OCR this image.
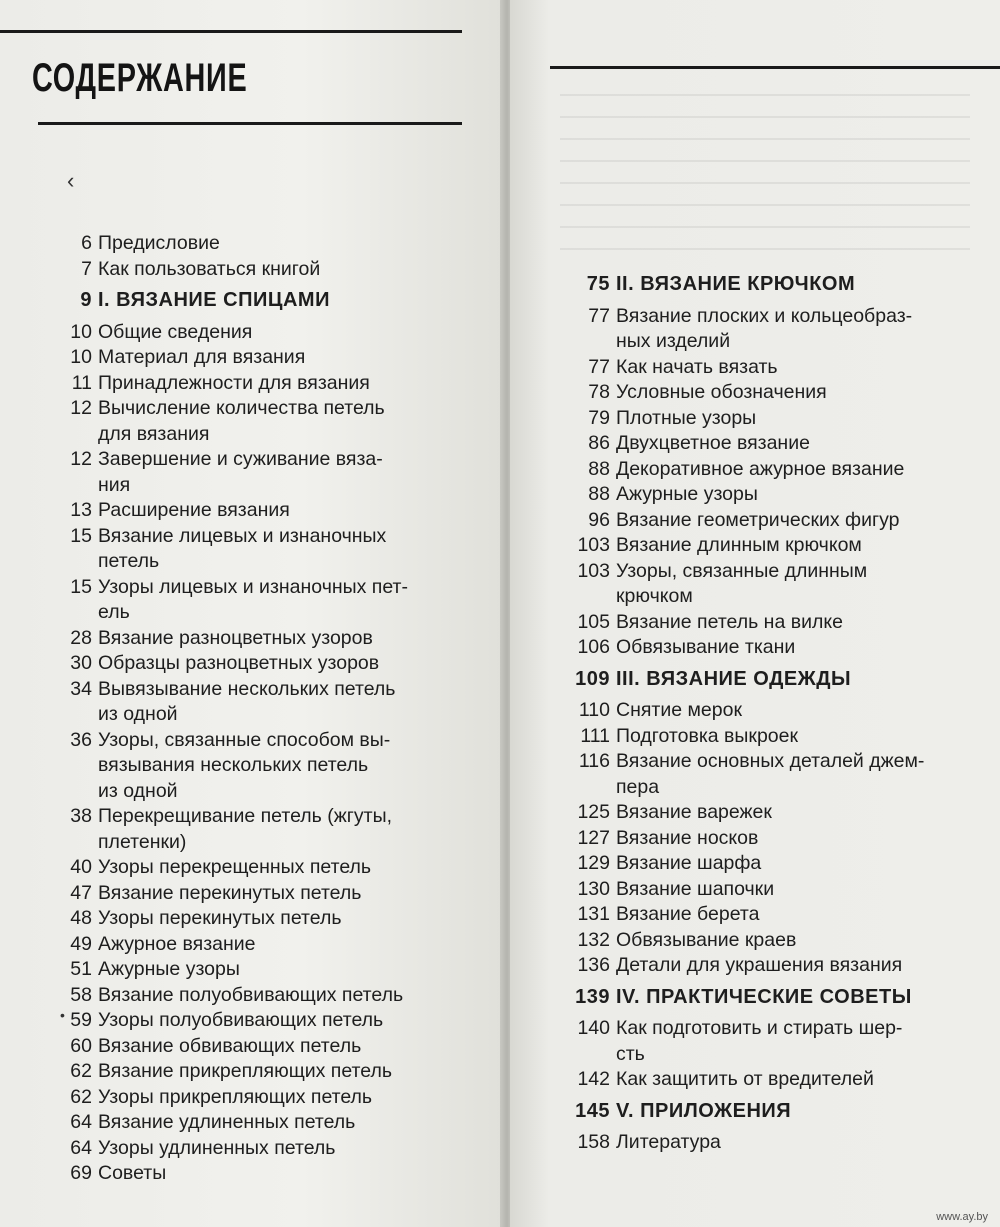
СОДЕРЖАНИЕ
‹
•
6 Предисловие
7 Как пользоваться книгой
9 I. ВЯЗАНИЕ СПИЦАМИ
10 Общие сведения
10 Материал для вязания
11 Принадлежности для вязания
12 Вычисление количества петель
для вязания
12 Завершение и суживание вяза-
ния
13 Расширение вязания
15 Вязание лицевых и изнаночных
петель
15 Узоры лицевых и изнаночных пет-
ель
28 Вязание разноцветных узоров
30 Образцы разноцветных узоров
34 Вывязывание нескольких петель
из одной
36 Узоры, связанные способом вы-
вязывания нескольких петель
из одной
38 Перекрещивание петель (жгуты,
плетенки)
40 Узоры перекрещенных петель
47 Вязание перекинутых петель
48 Узоры перекинутых петель
49 Ажурное вязание
51 Ажурные узоры
58 Вязание полуобвивающих петель
59 Узоры полуобвивающих петель
60 Вязание обвивающих петель
62 Вязание прикрепляющих петель
62 Узоры прикрепляющих петель
64 Вязание удлиненных петель
64 Узоры удлиненных петель
69 Советы
75 II. ВЯЗАНИЕ КРЮЧКОМ
77 Вязание плоских и кольцеобраз-
ных изделий
77 Как начать вязать
78 Условные обозначения
79 Плотные узоры
86 Двухцветное вязание
88 Декоративное ажурное вязание
88 Ажурные узоры
96 Вязание геометрических фигур
103 Вязание длинным крючком
103 Узоры, связанные длинным
крючком
105 Вязание петель на вилке
106 Обвязывание ткани
109 III. ВЯЗАНИЕ ОДЕЖДЫ
110 Снятие мерок
111 Подготовка выкроек
116 Вязание основных деталей джем-
пера
125 Вязание варежек
127 Вязание носков
129 Вязание шарфа
130 Вязание шапочки
131 Вязание берета
132 Обвязывание краев
136 Детали для украшения вязания
139 IV. ПРАКТИЧЕСКИЕ СОВЕТЫ
140 Как подготовить и стирать шер-
сть
142 Как защитить от вредителей
145 V. ПРИЛОЖЕНИЯ
158 Литература
www.ay.by
